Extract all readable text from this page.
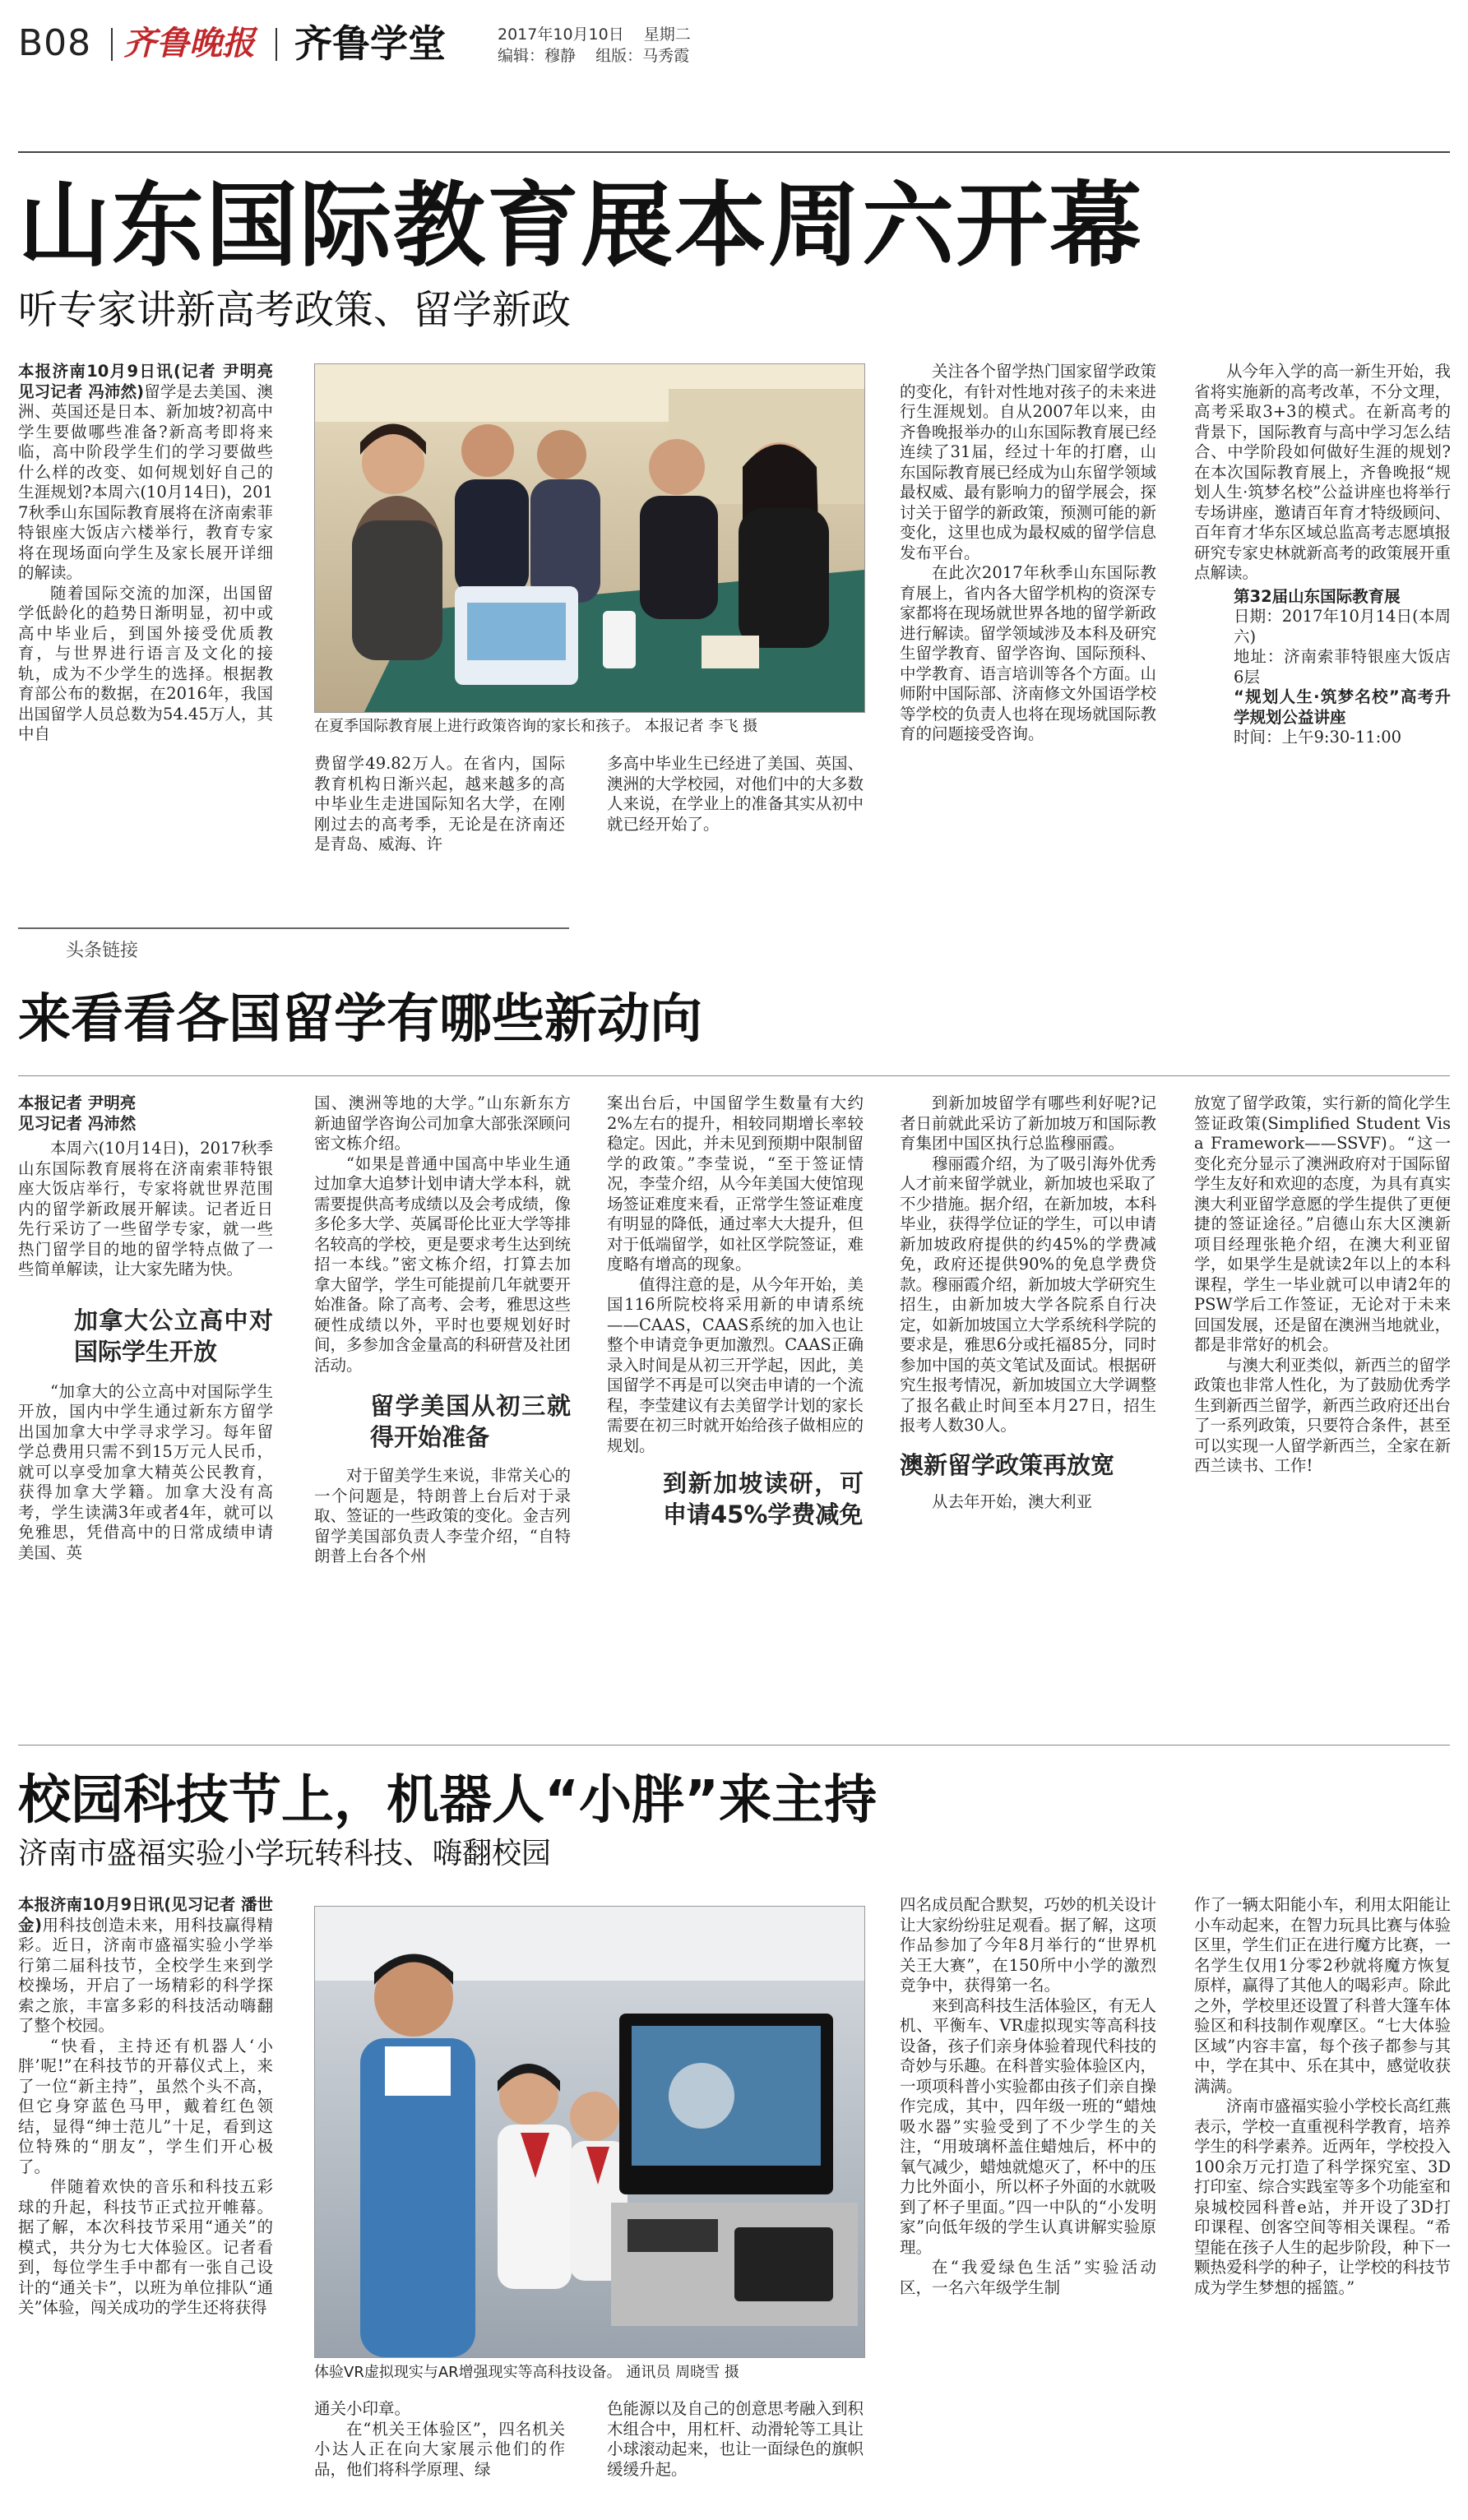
B08 齐鲁晚报 齐鲁学堂	2017年10月10日 星期二
编辑：穆静 组版：马秀霞
山东国际教育展本周六开幕
听专家讲新高考政策、留学新政

本报济南10月9日讯(记者 尹明亮 见习记者 冯沛然)留学是去美国、澳洲、英国还是日本、新加坡?初高中学生要做哪些准备?新高考即将来临，高中阶段学生们的学习要做些什么样的改变、如何规划好自己的生涯规划?本周六(10月14日)，2017秋季山东国际教育展将在济南索菲特银座大饭店六楼举行，教育专家将在现场面向学生及家长展开详细的解读。

随着国际交流的加深，出国留学低龄化的趋势日渐明显，初中或高中毕业后，到国外接受优质教育，与世界进行语言及文化的接轨，成为不少学生的选择。根据教育部公布的数据，在2016年，我国出国留学人员总数为54.45万人，其中自	在夏季国际教育展上进行政策咨询的家长和孩子。 本报记者 李飞 摄

费留学49.82万人。在省内，国际教育机构日渐兴起，越来越多的高中毕业生走进国际知名大学，在刚刚过去的高考季，无论是在济南还是青岛、威海、许

多高中毕业生已经进了美国、英国、澳洲的大学校园，对他们中的大多数人来说，在学业上的准备其实从初中就已经开始了。

关注各个留学热门国家留学政策的变化，有针对性地对孩子的未来进行生涯规划。自从2007年以来，由齐鲁晚报举办的山东国际教育展已经连续了31届，经过十年的打磨，山东国际教育展已经成为山东留学领域最权威、最有影响力的留学展会，探讨关于留学的新政策，预测可能的新变化，这里也成为最权威的留学信息发布平台。

在此次2017年秋季山东国际教育展上，省内各大留学机构的资深专家都将在现场就世界各地的留学新政进行解读。留学领域涉及本科及研究生留学教育、留学咨询、国际预科、中学教育、语言培训等各个方面。山师附中国际部、济南修文外国语学校等学校的负责人也将在现场就国际教育的问题接受咨询。

从今年入学的高一新生开始，我省将实施新的高考改革，不分文理，高考采取3+3的模式。在新高考的背景下，国际教育与高中学习怎么结合、中学阶段如何做好生涯的规划?在本次国际教育展上，齐鲁晚报“规划人生·筑梦名校”公益讲座也将举行专场讲座，邀请百年育才特级顾问、百年育才华东区域总监高考志愿填报研究专家史林就新高考的政策展开重点解读。

第32届山东国际教育展

日期：2017年10月14日(本周六)

地址：济南索菲特银座大饭店6层

“规划人生·筑梦名校”高考升学规划公益讲座

时间：上午9:30-11:00

头条链接
来看看各国留学有哪些新动向

本报记者 尹明亮

见习记者 冯沛然

本周六(10月14日)，2017秋季山东国际教育展将在济南索菲特银座大饭店举行，专家将就世界范围内的留学新政展开解读。记者近日先行采访了一些留学专家，就一些热门留学目的地的留学特点做了一些简单解读，让大家先睹为快。

加拿大公立高中对国际学生开放

“加拿大的公立高中对国际学生开放，国内中学生通过新东方留学出国加拿大中学寻求学习。每年留学总费用只需不到15万元人民币，就可以享受加拿大精英公民教育，获得加拿大学籍。加拿大没有高考，学生读满3年或者4年，就可以免雅思，凭借高中的日常成绩申请美国、英

国、澳洲等地的大学。”山东新东方新迪留学咨询公司加拿大部张深顾问密文栋介绍。

“如果是普通中国高中毕业生通过加拿大追梦计划申请大学本科，就需要提供高考成绩以及会考成绩，像多伦多大学、英属哥伦比亚大学等排名较高的学校，更是要求考生达到统招一本线。”密文栋介绍，打算去加拿大留学，学生可能提前几年就要开始准备。除了高考、会考，雅思这些硬性成绩以外，平时也要规划好时间，多参加含金量高的科研营及社团活动。

留学美国从初三就得开始准备

对于留美学生来说，非常关心的一个问题是，特朗普上台后对于录取、签证的一些政策的变化。金吉列留学美国部负责人李莹介绍，“自特朗普上台各个州

案出台后，中国留学生数量有大约2%左右的提升，相较同期增长率较稳定。因此，并未见到预期中限制留学的政策。”李莹说，“至于签证情况，李莹介绍，从今年美国大使馆现场签证难度来看，正常学生签证难度有明显的降低，通过率大大提升，但对于低端留学，如社区学院签证，难度略有增高的现象。

值得注意的是，从今年开始，美国116所院校将采用新的申请系统——CAAS，CAAS系统的加入也让整个申请竞争更加激烈。CAAS正确录入时间是从初三开学起，因此，美国留学不再是可以突击申请的一个流程，李莹建议有去美留学计划的家长需要在初三时就开始给孩子做相应的规划。

到新加坡读研，可申请45%学费减免

到新加坡留学有哪些利好呢?记者日前就此采访了新加坡万和国际教育集团中国区执行总监穆丽霞。

穆丽霞介绍，为了吸引海外优秀人才前来留学就业，新加坡也采取了不少措施。据介绍，在新加坡，本科毕业，获得学位证的学生，可以申请新加坡政府提供的约45%的学费减免，政府还提供90%的免息学费贷款。穆丽霞介绍，新加坡大学研究生招生，由新加坡大学各院系自行决定，如新加坡国立大学系统科学院的要求是，雅思6分或托福85分，同时参加中国的英文笔试及面试。根据研究生报考情况，新加坡国立大学调整了报名截止时间至本月27日，招生报考人数30人。

澳新留学政策再放宽

从去年开始，澳大利亚

放宽了留学政策，实行新的简化学生签证政策(Simplified Student Visa Framework——SSVF)。“这一变化充分显示了澳洲政府对于国际留学生友好和欢迎的态度，为具有真实澳大利亚留学意愿的学生提供了更便捷的签证途径。”启德山东大区澳新项目经理张艳介绍，在澳大利亚留学，如果学生是就读2年以上的本科课程，学生一毕业就可以申请2年的PSW学后工作签证，无论对于未来回国发展，还是留在澳洲当地就业，都是非常好的机会。

与澳大利亚类似，新西兰的留学政策也非常人性化，为了鼓励优秀学生到新西兰留学，新西兰政府还出台了一系列政策，只要符合条件，甚至可以实现一人留学新西兰，全家在新西兰读书、工作!

校园科技节上，机器人“小胖”来主持
济南市盛福实验小学玩转科技、嗨翻校园

本报济南10月9日讯(见习记者 潘世金)用科技创造未来，用科技赢得精彩。近日，济南市盛福实验小学举行第二届科技节，全校学生来到学校操场，开启了一场精彩的科学探索之旅，丰富多彩的科技活动嗨翻了整个校园。

“快看，主持还有机器人‘小胖’呢!”在科技节的开幕仪式上，来了一位“新主持”，虽然个头不高，但它身穿蓝色马甲，戴着红色领结，显得“绅士范儿”十足，看到这位特殊的“朋友”，学生们开心极了。

伴随着欢快的音乐和科技五彩球的升起，科技节正式拉开帷幕。据了解，本次科技节采用“通关”的模式，共分为七大体验区。记者看到，每位学生手中都有一张自己设计的“通关卡”，以班为单位排队“通关”体验，闯关成功的学生还将获得

体验VR虚拟现实与AR增强现实等高科技设备。 通讯员 周晓雪 摄

通关小印章。

在“机关王体验区”，四名机关小达人正在向大家展示他们的作品，他们将科学原理、绿

色能源以及自己的创意思考融入到积木组合中，用杠杆、动滑轮等工具让小球滚动起来，也让一面绿色的旗帜缓缓升起。

四名成员配合默契，巧妙的机关设计让大家纷纷驻足观看。据了解，这项作品参加了今年8月举行的“世界机关王大赛”，在150所中小学的激烈竞争中，获得第一名。

来到高科技生活体验区，有无人机、平衡车、VR虚拟现实等高科技设备，孩子们亲身体验着现代科技的奇妙与乐趣。在科普实验体验区内，一项项科普小实验都由孩子们亲自操作完成，其中，四年级一班的“蜡烛吸水器”实验受到了不少学生的关注，“用玻璃杯盖住蜡烛后，杯中的氧气减少，蜡烛就熄灭了，杯中的压力比外面小，所以杯子外面的水就吸到了杯子里面。”四一中队的“小发明家”向低年级的学生认真讲解实验原理。

在“我爱绿色生活”实验活动区，一名六年级学生制

作了一辆太阳能小车，利用太阳能让小车动起来，在智力玩具比赛与体验区里，学生们正在进行魔方比赛，一名学生仅用1分零2秒就将魔方恢复原样，赢得了其他人的喝彩声。除此之外，学校里还设置了科普大篷车体验区和科技制作观摩区。“七大体验区域”内容丰富，每个孩子都参与其中，学在其中、乐在其中，感觉收获满满。

济南市盛福实验小学校长高红燕表示，学校一直重视科学教育，培养学生的科学素养。近两年，学校投入100余万元打造了科学探究室、3D打印室、综合实践室等多个功能室和泉城校园科普e站，并开设了3D打印课程、创客空间等相关课程。“希望能在孩子人生的起步阶段，种下一颗热爱科学的种子，让学校的科技节成为学生梦想的摇篮。”
